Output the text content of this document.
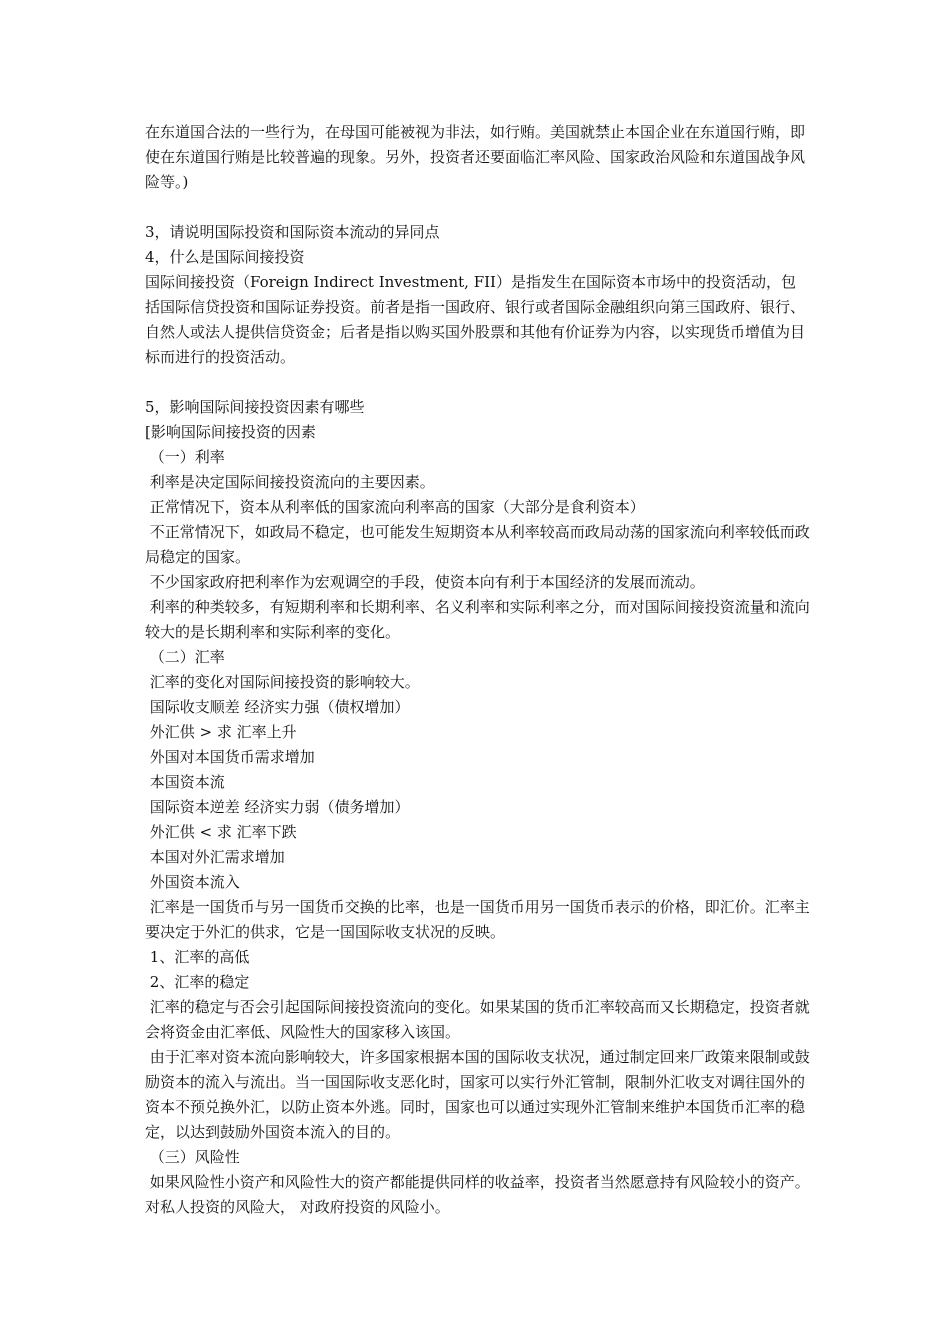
在东道国合法的一些行为，在母国可能被视为非法，如行贿。美国就禁止本国企业在东道国行贿，即使在东道国行贿是比较普遍的现象。另外，投资者还要面临汇率风险、国家政治风险和东道国战争风险等。)

3，请说明国际投资和国际资本流动的异同点

4，什么是国际间接投资

国际间接投资（Foreign Indirect Investment, FII）是指发生在国际资本市场中的投资活动，包括国际信贷投资和国际证券投资。前者是指一国政府、银行或者国际金融组织向第三国政府、银行、自然人或法人提供信贷资金；后者是指以购买国外股票和其他有价证券为内容，以实现货币增值为目标而进行的投资活动。

5，影响国际间接投资因素有哪些

[影响国际间接投资的因素

（一）利率

利率是决定国际间接投资流向的主要因素。

正常情况下，资本从利率低的国家流向利率高的国家（大部分是食利资本）

不正常情况下，如政局不稳定，也可能发生短期资本从利率较高而政局动荡的国家流向利率较低而政局稳定的国家。

不少国家政府把利率作为宏观调空的手段，使资本向有利于本国经济的发展而流动。

利率的种类较多，有短期利率和长期利率、名义利率和实际利率之分，而对国际间接投资流量和流向较大的是长期利率和实际利率的变化。

（二）汇率

汇率的变化对国际间接投资的影响较大。

国际收支顺差 经济实力强（债权增加）

外汇供 > 求 汇率上升

外国对本国货币需求增加

本国资本流

国际资本逆差 经济实力弱（债务增加）

外汇供 < 求 汇率下跌

本国对外汇需求增加

外国资本流入

汇率是一国货币与另一国货币交换的比率，也是一国货币用另一国货币表示的价格，即汇价。汇率主要决定于外汇的供求，它是一国国际收支状况的反映。

1、汇率的高低

2、汇率的稳定

汇率的稳定与否会引起国际间接投资流向的变化。如果某国的货币汇率较高而又长期稳定，投资者就会将资金由汇率低、风险性大的国家移入该国。

由于汇率对资本流向影响较大，许多国家根据本国的国际收支状况，通过制定回来厂政策来限制或鼓励资本的流入与流出。当一国国际收支恶化时，国家可以实行外汇管制，限制外汇收支对调往国外的资本不预兑换外汇，以防止资本外逃。同时，国家也可以通过实现外汇管制来维护本国货币汇率的稳定，以达到鼓励外国资本流入的目的。

（三）风险性

如果风险性小资产和风险性大的资产都能提供同样的收益率，投资者当然愿意持有风险较小的资产。对私人投资的风险大， 对政府投资的风险小。
